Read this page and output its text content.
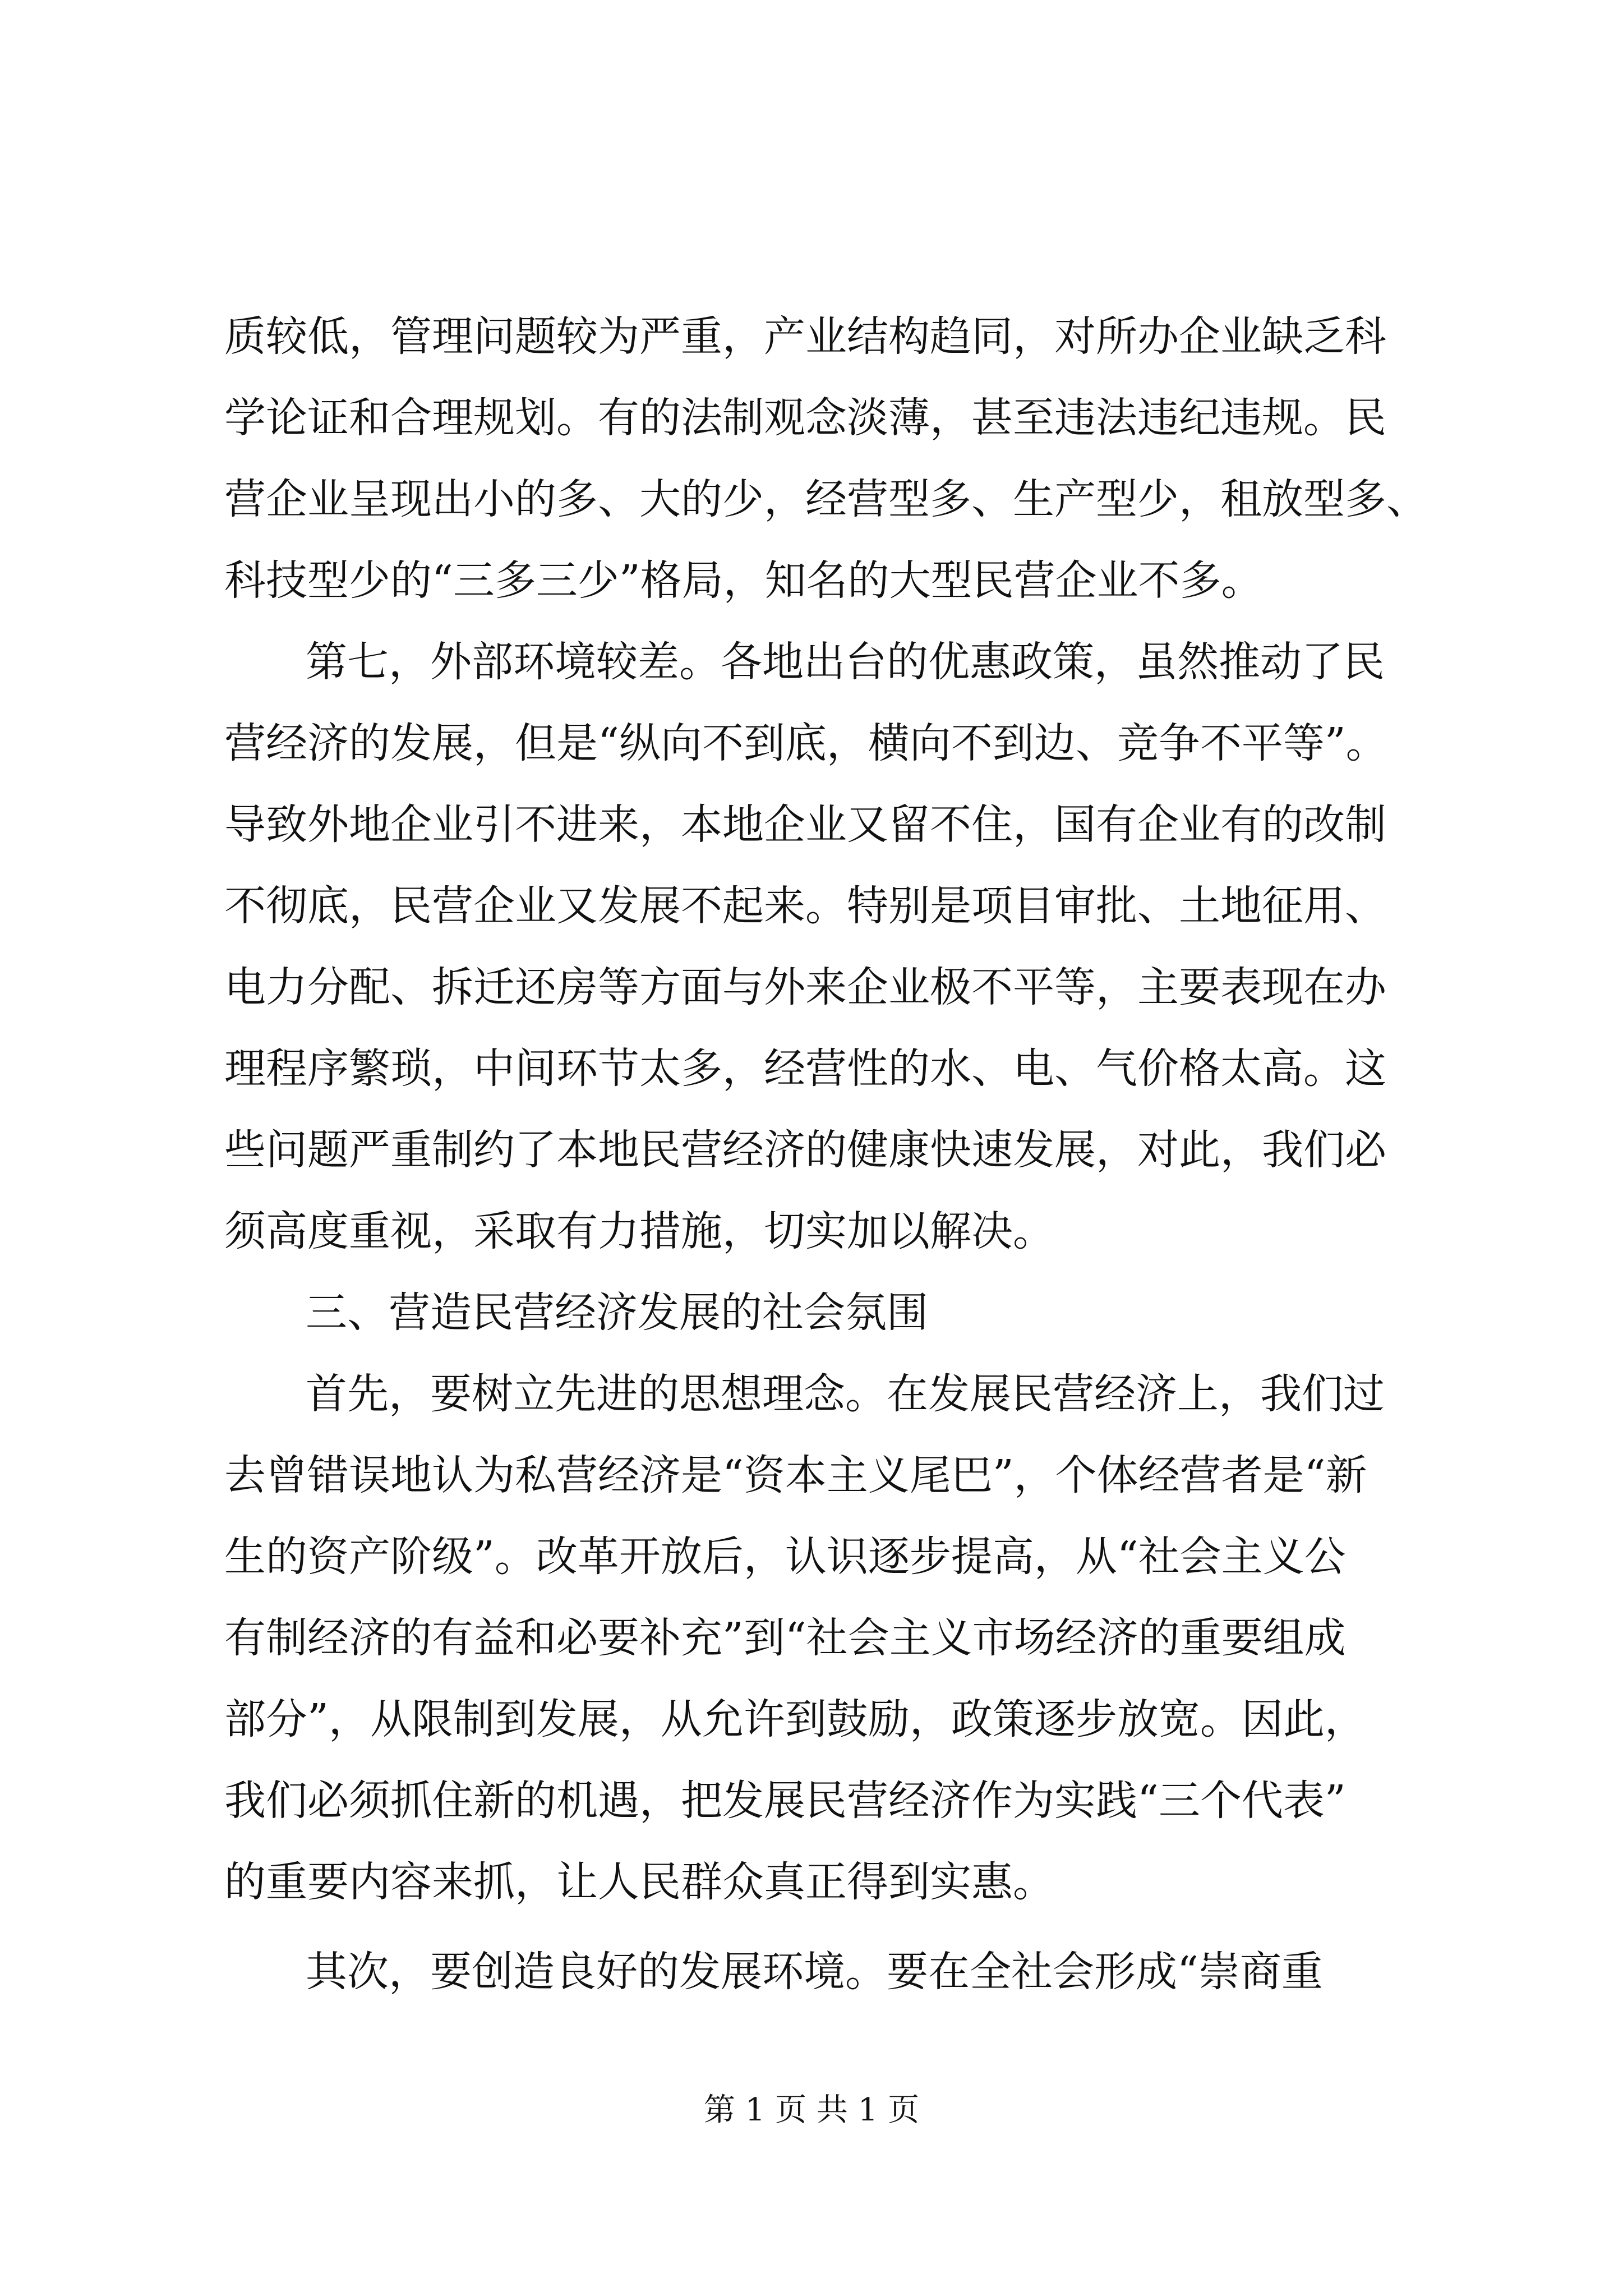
质较低，管理问题较为严重，产业结构趋同，对所办企业缺乏科
学论证和合理规划。有的法制观念淡薄，甚至违法违纪违规。民
营企业呈现出小的多、大的少，经营型多、生产型少，租放型多、
科技型少的“三多三少”格局，知名的大型民营企业不多。
第七，外部环境较差。各地出台的优惠政策，虽然推动了民
营经济的发展，但是“纵向不到底，横向不到边、竞争不平等”。
导致外地企业引不进来，本地企业又留不住，国有企业有的改制
不彻底，民营企业又发展不起来。特别是项目审批、土地征用、
电力分配、拆迁还房等方面与外来企业极不平等，主要表现在办
理程序繁琐，中间环节太多，经营性的水、电、气价格太高。这
些问题严重制约了本地民营经济的健康快速发展，对此，我们必
须高度重视，采取有力措施，切实加以解决。
三、营造民营经济发展的社会氛围
首先，要树立先进的思想理念。在发展民营经济上，我们过
去曾错误地认为私营经济是“资本主义尾巴”，个体经营者是“新
生的资产阶级”。改革开放后，认识逐步提高，从“社会主义公
有制经济的有益和必要补充”到“社会主义市场经济的重要组成
部分”，从限制到发展，从允许到鼓励，政策逐步放宽。因此，
我们必须抓住新的机遇，把发展民营经济作为实践“三个代表”
的重要内容来抓，让人民群众真正得到实惠。
其次，要创造良好的发展环境。要在全社会形成“崇商重
第 1 页 共 1 页
